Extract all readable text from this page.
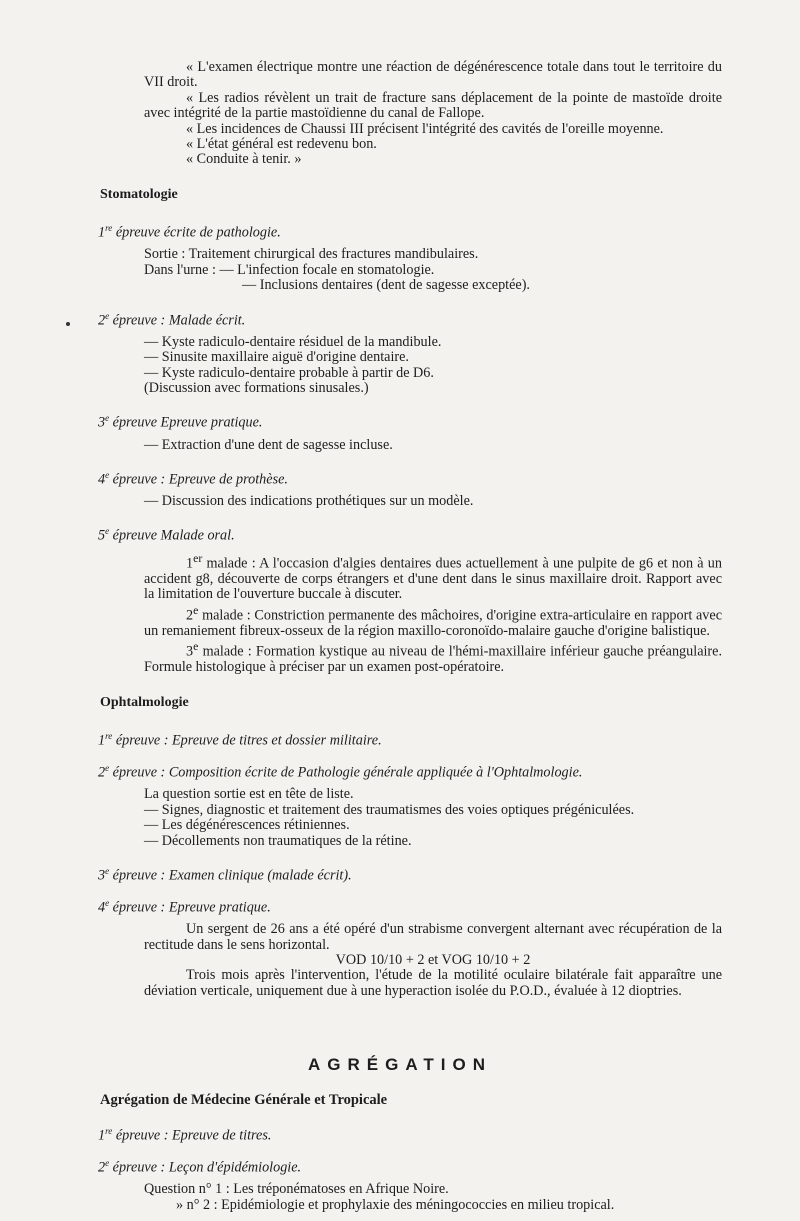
« L'examen électrique montre une réaction de dégénérescence totale dans tout le territoire du VII droit.

« Les radios révèlent un trait de fracture sans déplacement de la pointe de mastoïde droite avec intégrité de la partie mastoïdienne du canal de Fallope.

« Les incidences de Chaussi III précisent l'intégrité des cavités de l'oreille moyenne.

« L'état général est redevenu bon.

« Conduite à tenir. »

Stomatologie
1re épreuve écrite de pathologie.

Sortie : Traitement chirurgical des fractures mandibulaires.

Dans l'urne : — L'infection focale en stomatologie.

— Inclusions dentaires (dent de sagesse exceptée).

2e épreuve : Malade écrit.

— Kyste radiculo-dentaire résiduel de la mandibule.

— Sinusite maxillaire aiguë d'origine dentaire.

— Kyste radiculo-dentaire probable à partir de D6.

(Discussion avec formations sinusales.)

3e épreuve Epreuve pratique.

— Extraction d'une dent de sagesse incluse.

4e épreuve : Epreuve de prothèse.

— Discussion des indications prothétiques sur un modèle.

5e épreuve Malade oral.

1er malade : A l'occasion d'algies dentaires dues actuellement à une pulpite de g6 et non à un accident g8, découverte de corps étrangers et d'une dent dans le sinus maxillaire droit. Rapport avec la limitation de l'ouverture buccale à discuter.

2e malade : Constriction permanente des mâchoires, d'origine extra-articulaire en rapport avec un remaniement fibreux-osseux de la région maxillo-coronoïdo-malaire gauche d'origine balistique.

3e malade : Formation kystique au niveau de l'hémi-maxillaire inférieur gauche préangulaire. Formule histologique à préciser par un examen post-opératoire.

Ophtalmologie
1re épreuve : Epreuve de titres et dossier militaire.
2e épreuve : Composition écrite de Pathologie générale appliquée à l'Ophtalmologie.

La question sortie est en tête de liste.

— Signes, diagnostic et traitement des traumatismes des voies optiques prégéniculées.

— Les dégénérescences rétiniennes.

— Décollements non traumatiques de la rétine.

3e épreuve : Examen clinique (malade écrit).
4e épreuve : Epreuve pratique.

Un sergent de 26 ans a été opéré d'un strabisme convergent alternant avec récupération de la rectitude dans le sens horizontal.

VOD 10/10 + 2 et VOG 10/10 + 2

Trois mois après l'intervention, l'étude de la motilité oculaire bilatérale fait apparaître une déviation verticale, uniquement due à une hyperaction isolée du P.O.D., évaluée à 12 dioptries.

AGRÉGATION
Agrégation de Médecine Générale et Tropicale
1re épreuve : Epreuve de titres.
2e épreuve : Leçon d'épidémiologie.

Question n° 1 : Les tréponématoses en Afrique Noire.

» n° 2 : Epidémiologie et prophylaxie des méningococcies en milieu tropical.
